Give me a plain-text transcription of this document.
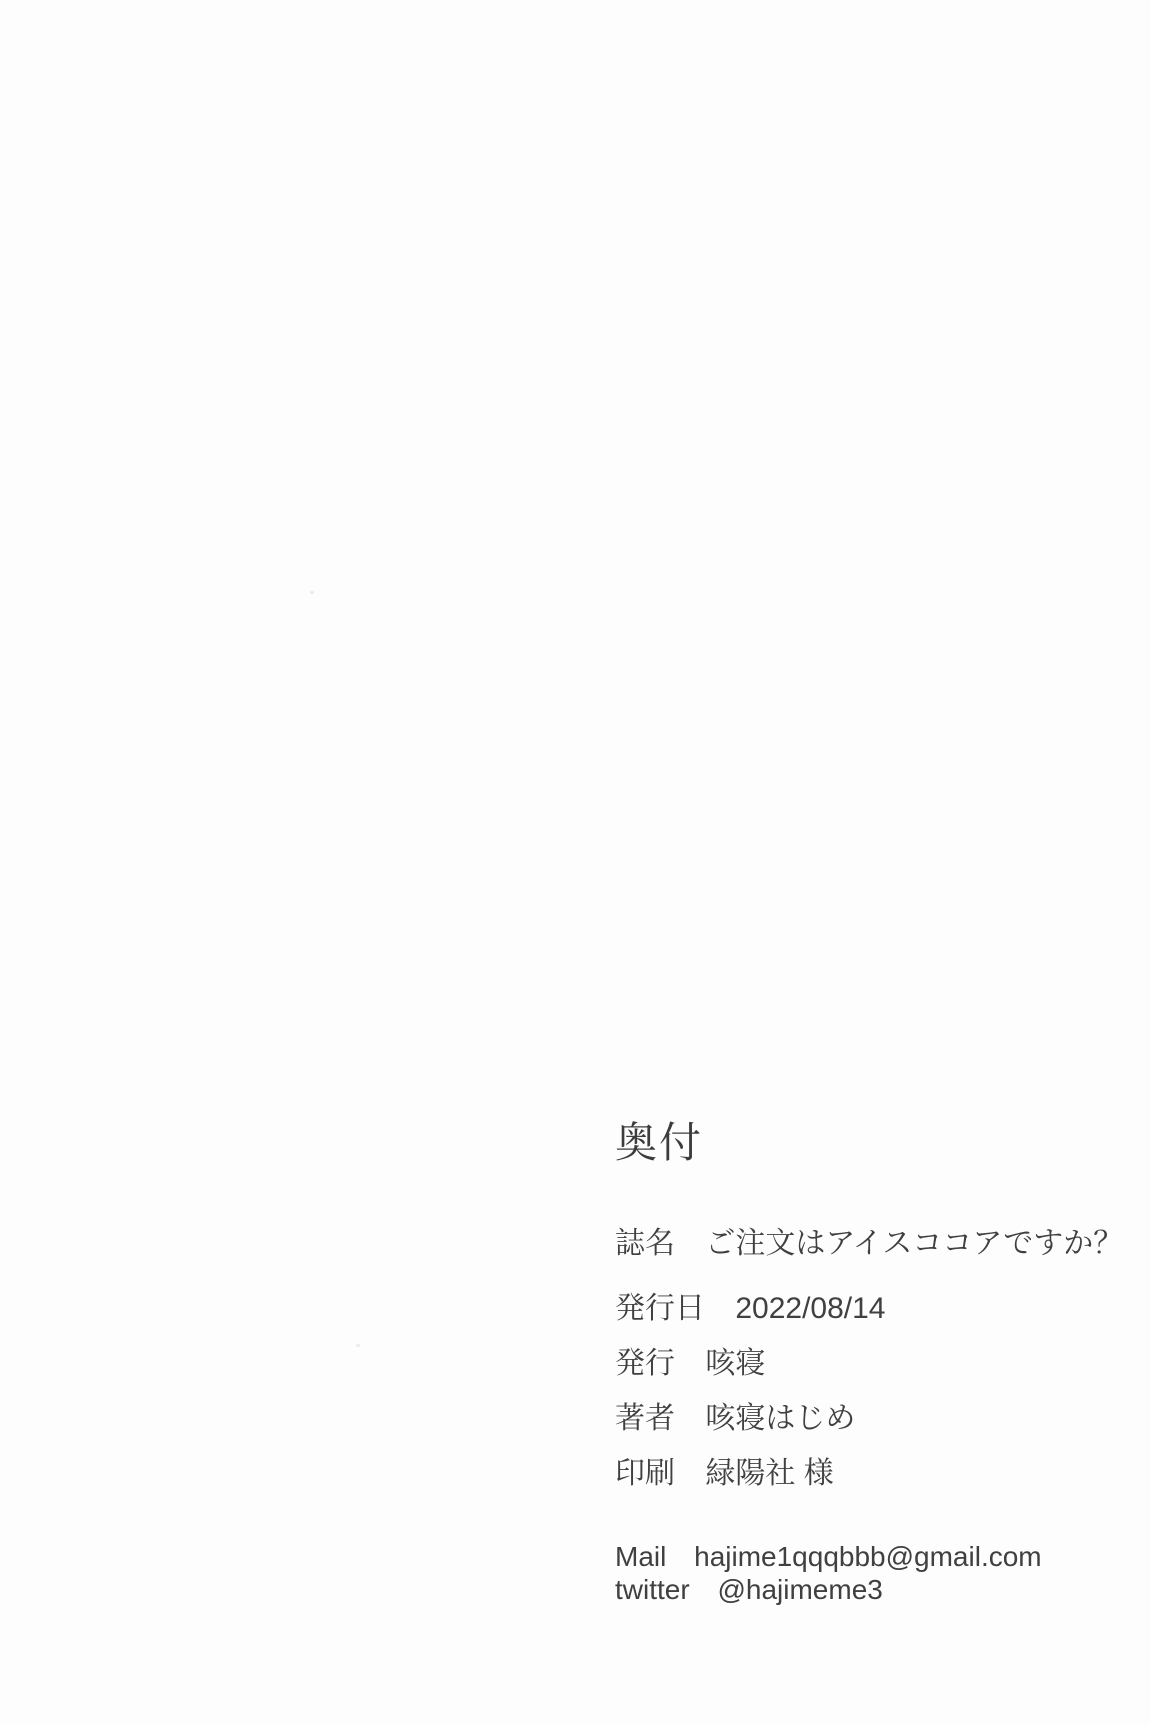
奥付
誌名 ご注文はアイスココアですか？
発行日 2022/08/14
発行 咳寝
著者 咳寝はじめ
印刷 緑陽社 様
Mail hajime1qqqbbb@gmail.com
twitter @hajimeme3
